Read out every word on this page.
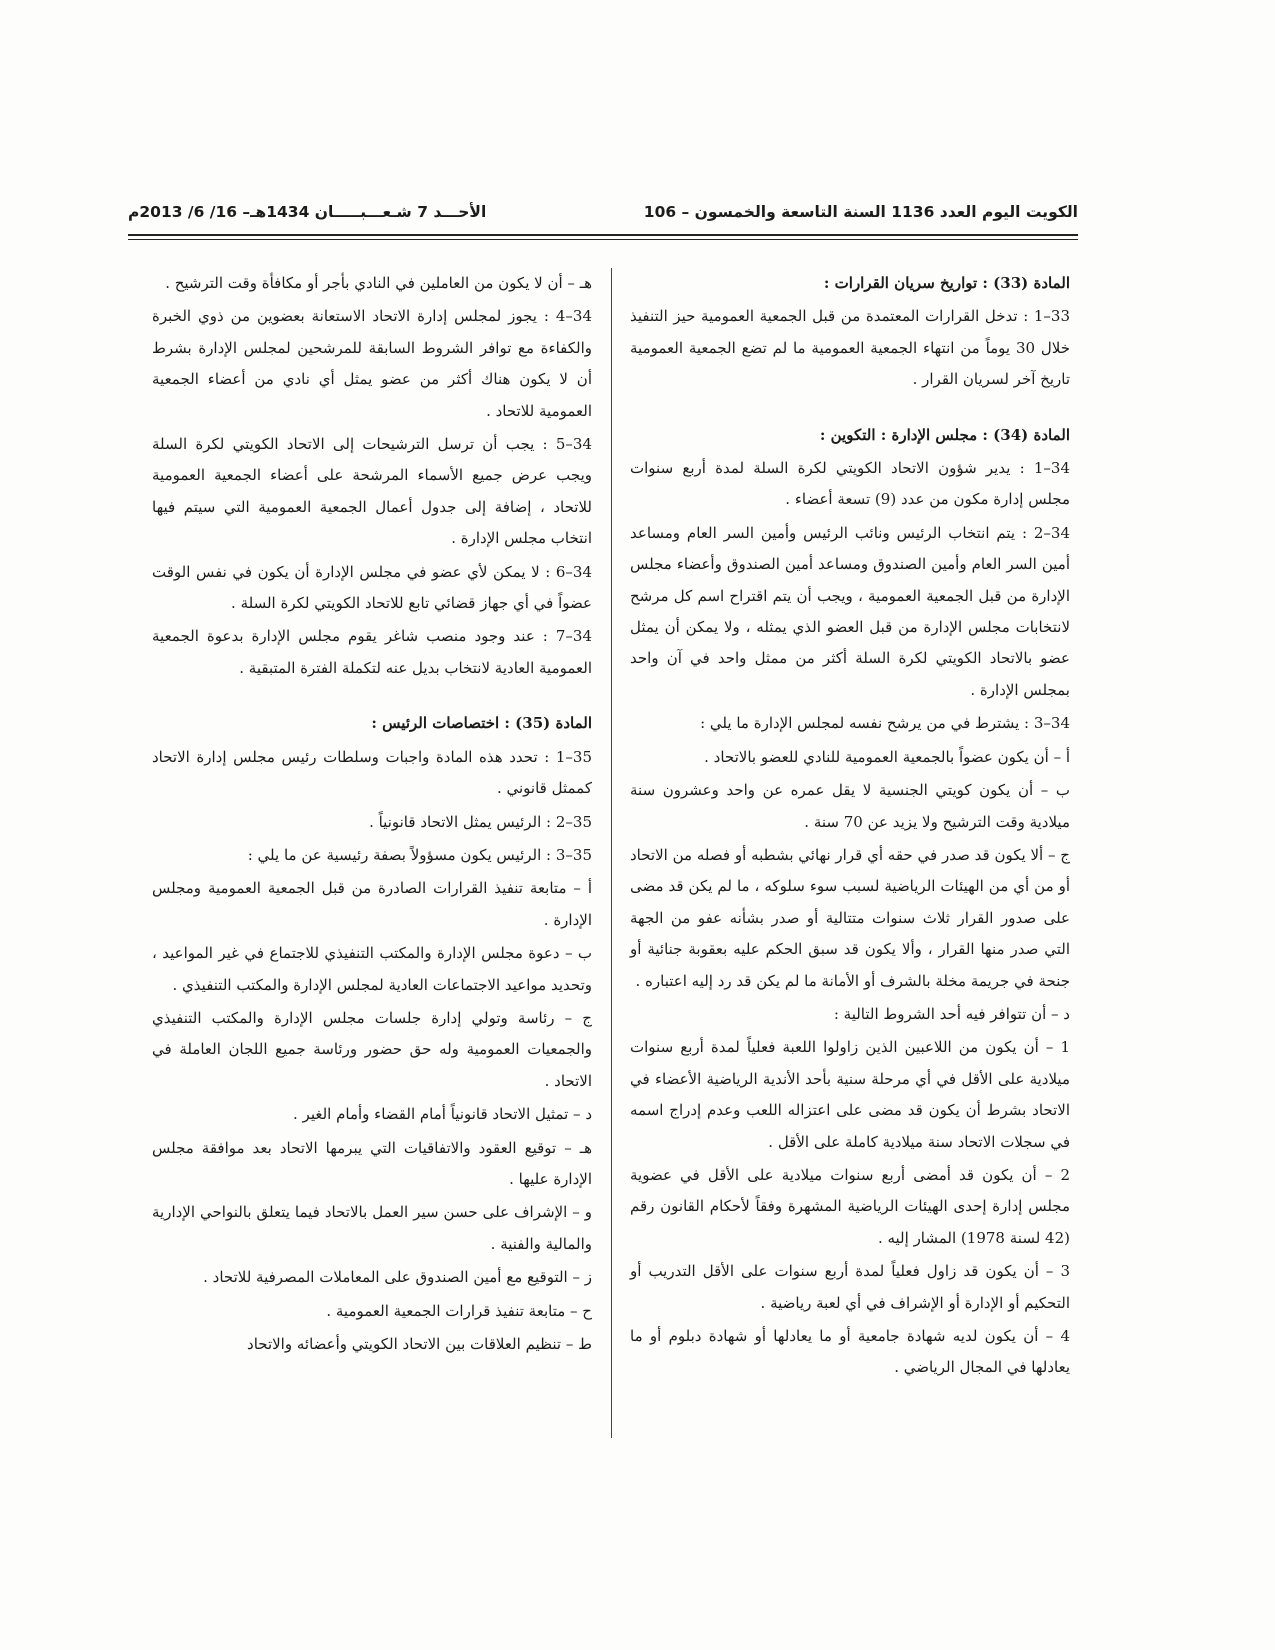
الكويت اليوم العدد 1136 السنة التاسعة والخمسون – 106
الأحـــد 7 شـعـــبـــــان 1434هـ– 16/ 6/ 2013م

المادة (33) : تواريخ سريان القرارات :

33–1 : تدخل القرارات المعتمدة من قبل الجمعية العمومية حيز التنفيذ خلال 30 يوماً من انتهاء الجمعية العمومية ما لم تضع الجمعية العمومية تاريخ آخر لسريان القرار .

المادة (34) : مجلس الإدارة : التكوين :

34–1 : يدير شؤون الاتحاد الكويتي لكرة السلة لمدة أربع سنوات مجلس إدارة مكون من عدد (9) تسعة أعضاء .

34–2 : يتم انتخاب الرئيس ونائب الرئيس وأمين السر العام ومساعد أمين السر العام وأمين الصندوق ومساعد أمين الصندوق وأعضاء مجلس الإدارة من قبل الجمعية العمومية ، ويجب أن يتم اقتراح اسم كل مرشح لانتخابات مجلس الإدارة من قبل العضو الذي يمثله ، ولا يمكن أن يمثل عضو بالاتحاد الكويتي لكرة السلة أكثر من ممثل واحد في آن واحد بمجلس الإدارة .

34–3 : يشترط في من يرشح نفسه لمجلس الإدارة ما يلي :

أ – أن يكون عضواً بالجمعية العمومية للنادي للعضو بالاتحاد .

ب – أن يكون كويتي الجنسية لا يقل عمره عن واحد وعشرون سنة ميلادية وقت الترشيح ولا يزيد عن 70 سنة .

ج – ألا يكون قد صدر في حقه أي قرار نهائي بشطبه أو فصله من الاتحاد أو من أي من الهيئات الرياضية لسبب سوء سلوكه ، ما لم يكن قد مضى على صدور القرار ثلاث سنوات متتالية أو صدر بشأنه عفو من الجهة التي صدر منها القرار ، وألا يكون قد سبق الحكم عليه بعقوبة جنائية أو جنحة في جريمة مخلة بالشرف أو الأمانة ما لم يكن قد رد إليه اعتباره .

د – أن تتوافر فيه أحد الشروط التالية :

1 – أن يكون من اللاعبين الذين زاولوا اللعبة فعلياً لمدة أربع سنوات ميلادية على الأقل في أي مرحلة سنية بأحد الأندية الرياضية الأعضاء في الاتحاد بشرط أن يكون قد مضى على اعتزاله اللعب وعدم إدراج اسمه في سجلات الاتحاد سنة ميلادية كاملة على الأقل .

2 – أن يكون قد أمضى أربع سنوات ميلادية على الأقل في عضوية مجلس إدارة إحدى الهيئات الرياضية المشهرة وفقاً لأحكام القانون رقم (42 لسنة 1978) المشار إليه .

3 – أن يكون قد زاول فعلياً لمدة أربع سنوات على الأقل التدريب أو التحكيم أو الإدارة أو الإشراف في أي لعبة رياضية .

4 – أن يكون لديه شهادة جامعية أو ما يعادلها أو شهادة دبلوم أو ما يعادلها في المجال الرياضي .

هـ – أن لا يكون من العاملين في النادي بأجر أو مكافأة وقت الترشيح .

34–4 : يجوز لمجلس إدارة الاتحاد الاستعانة بعضوين من ذوي الخبرة والكفاءة مع توافر الشروط السابقة للمرشحين لمجلس الإدارة بشرط أن لا يكون هناك أكثر من عضو يمثل أي نادي من أعضاء الجمعية العمومية للاتحاد .

34–5 : يجب أن ترسل الترشيحات إلى الاتحاد الكويتي لكرة السلة ويجب عرض جميع الأسماء المرشحة على أعضاء الجمعية العمومية للاتحاد ، إضافة إلى جدول أعمال الجمعية العمومية التي سيتم فيها انتخاب مجلس الإدارة .

34–6 : لا يمكن لأي عضو في مجلس الإدارة أن يكون في نفس الوقت عضواً في أي جهاز قضائي تابع للاتحاد الكويتي لكرة السلة .

34–7 : عند وجود منصب شاغر يقوم مجلس الإدارة بدعوة الجمعية العمومية العادية لانتخاب بديل عنه لتكملة الفترة المتبقية .

المادة (35) : اختصاصات الرئيس :

35–1 : تحدد هذه المادة واجبات وسلطات رئيس مجلس إدارة الاتحاد كممثل قانوني .

35–2 : الرئيس يمثل الاتحاد قانونياً .

35–3 : الرئيس يكون مسؤولاً بصفة رئيسية عن ما يلي :

أ – متابعة تنفيذ القرارات الصادرة من قبل الجمعية العمومية ومجلس الإدارة .

ب – دعوة مجلس الإدارة والمكتب التنفيذي للاجتماع في غير المواعيد ، وتحديد مواعيد الاجتماعات العادية لمجلس الإدارة والمكتب التنفيذي .

ج – رئاسة وتولي إدارة جلسات مجلس الإدارة والمكتب التنفيذي والجمعيات العمومية وله حق حضور ورئاسة جميع اللجان العاملة في الاتحاد .

د – تمثيل الاتحاد قانونياً أمام القضاء وأمام الغير .

هـ – توقيع العقود والاتفاقيات التي يبرمها الاتحاد بعد موافقة مجلس الإدارة عليها .

و – الإشراف على حسن سير العمل بالاتحاد فيما يتعلق بالنواحي الإدارية والمالية والفنية .

ز – التوقيع مع أمين الصندوق على المعاملات المصرفية للاتحاد .

ح – متابعة تنفيذ قرارات الجمعية العمومية .

ط – تنظيم العلاقات بين الاتحاد الكويتي وأعضائه والاتحاد
